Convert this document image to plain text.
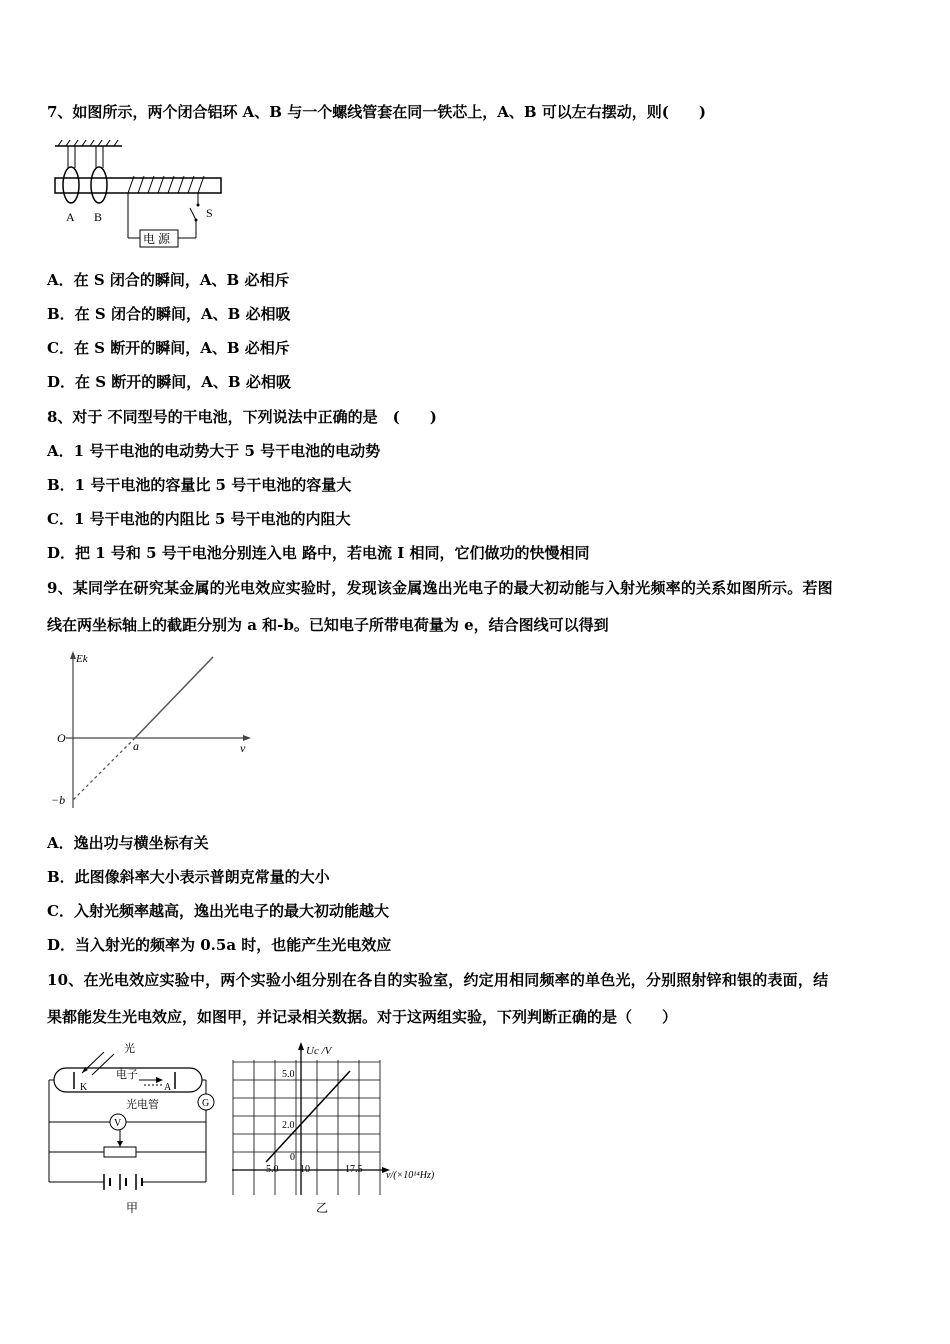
7、如图所示，两个闭合铝环 A、B 与一个螺线管套在同一铁芯上，A、B 可以左右摆动，则(　　)
A B	S
电 源
A．在 S 闭合的瞬间，A、B 必相斥
B．在 S 闭合的瞬间，A、B 必相吸
C．在 S 断开的瞬间，A、B 必相斥
D．在 S 断开的瞬间，A、B 必相吸
8、对于 不同型号的干电池，下列说法中正确的是　(　　)
A．1 号干电池的电动势大于 5 号干电池的电动势
B．1 号干电池的容量比 5 号干电池的容量大
C．1 号干电池的内阻比 5 号干电池的内阻大
D．把 1 号和 5 号干电池分别连入电 路中，若电流 I 相同，它们做功的快慢相同
9、某同学在研究某金属的光电效应实验时，发现该金属逸出光电子的最大初动能与入射光频率的关系如图所示。若图
线在两坐标轴上的截距分别为 a 和-b。已知电子所带电荷量为 e，结合图线可以得到
Ek
ν
O
a
−b
A．逸出功与横坐标有关
B．此图像斜率大小表示普朗克常量的大小
C．入射光频率越高，逸出光电子的最大初动能越大
D．当入射光的频率为 0.5a 时，也能产生光电效应
10、在光电效应实验中，两个实验小组分别在各自的实验室，约定用相同频率的单色光，分别照射锌和银的表面，结
果都能发生光电效应，如图甲，并记录相关数据。对于这两组实验，下列判断正确的是（　　）
光
电子
K	A
光电管	G
V
甲
Uc /V
5.0
2.0
0
5.0 10	17.5
ν/(×10¹⁴Hz)
乙
